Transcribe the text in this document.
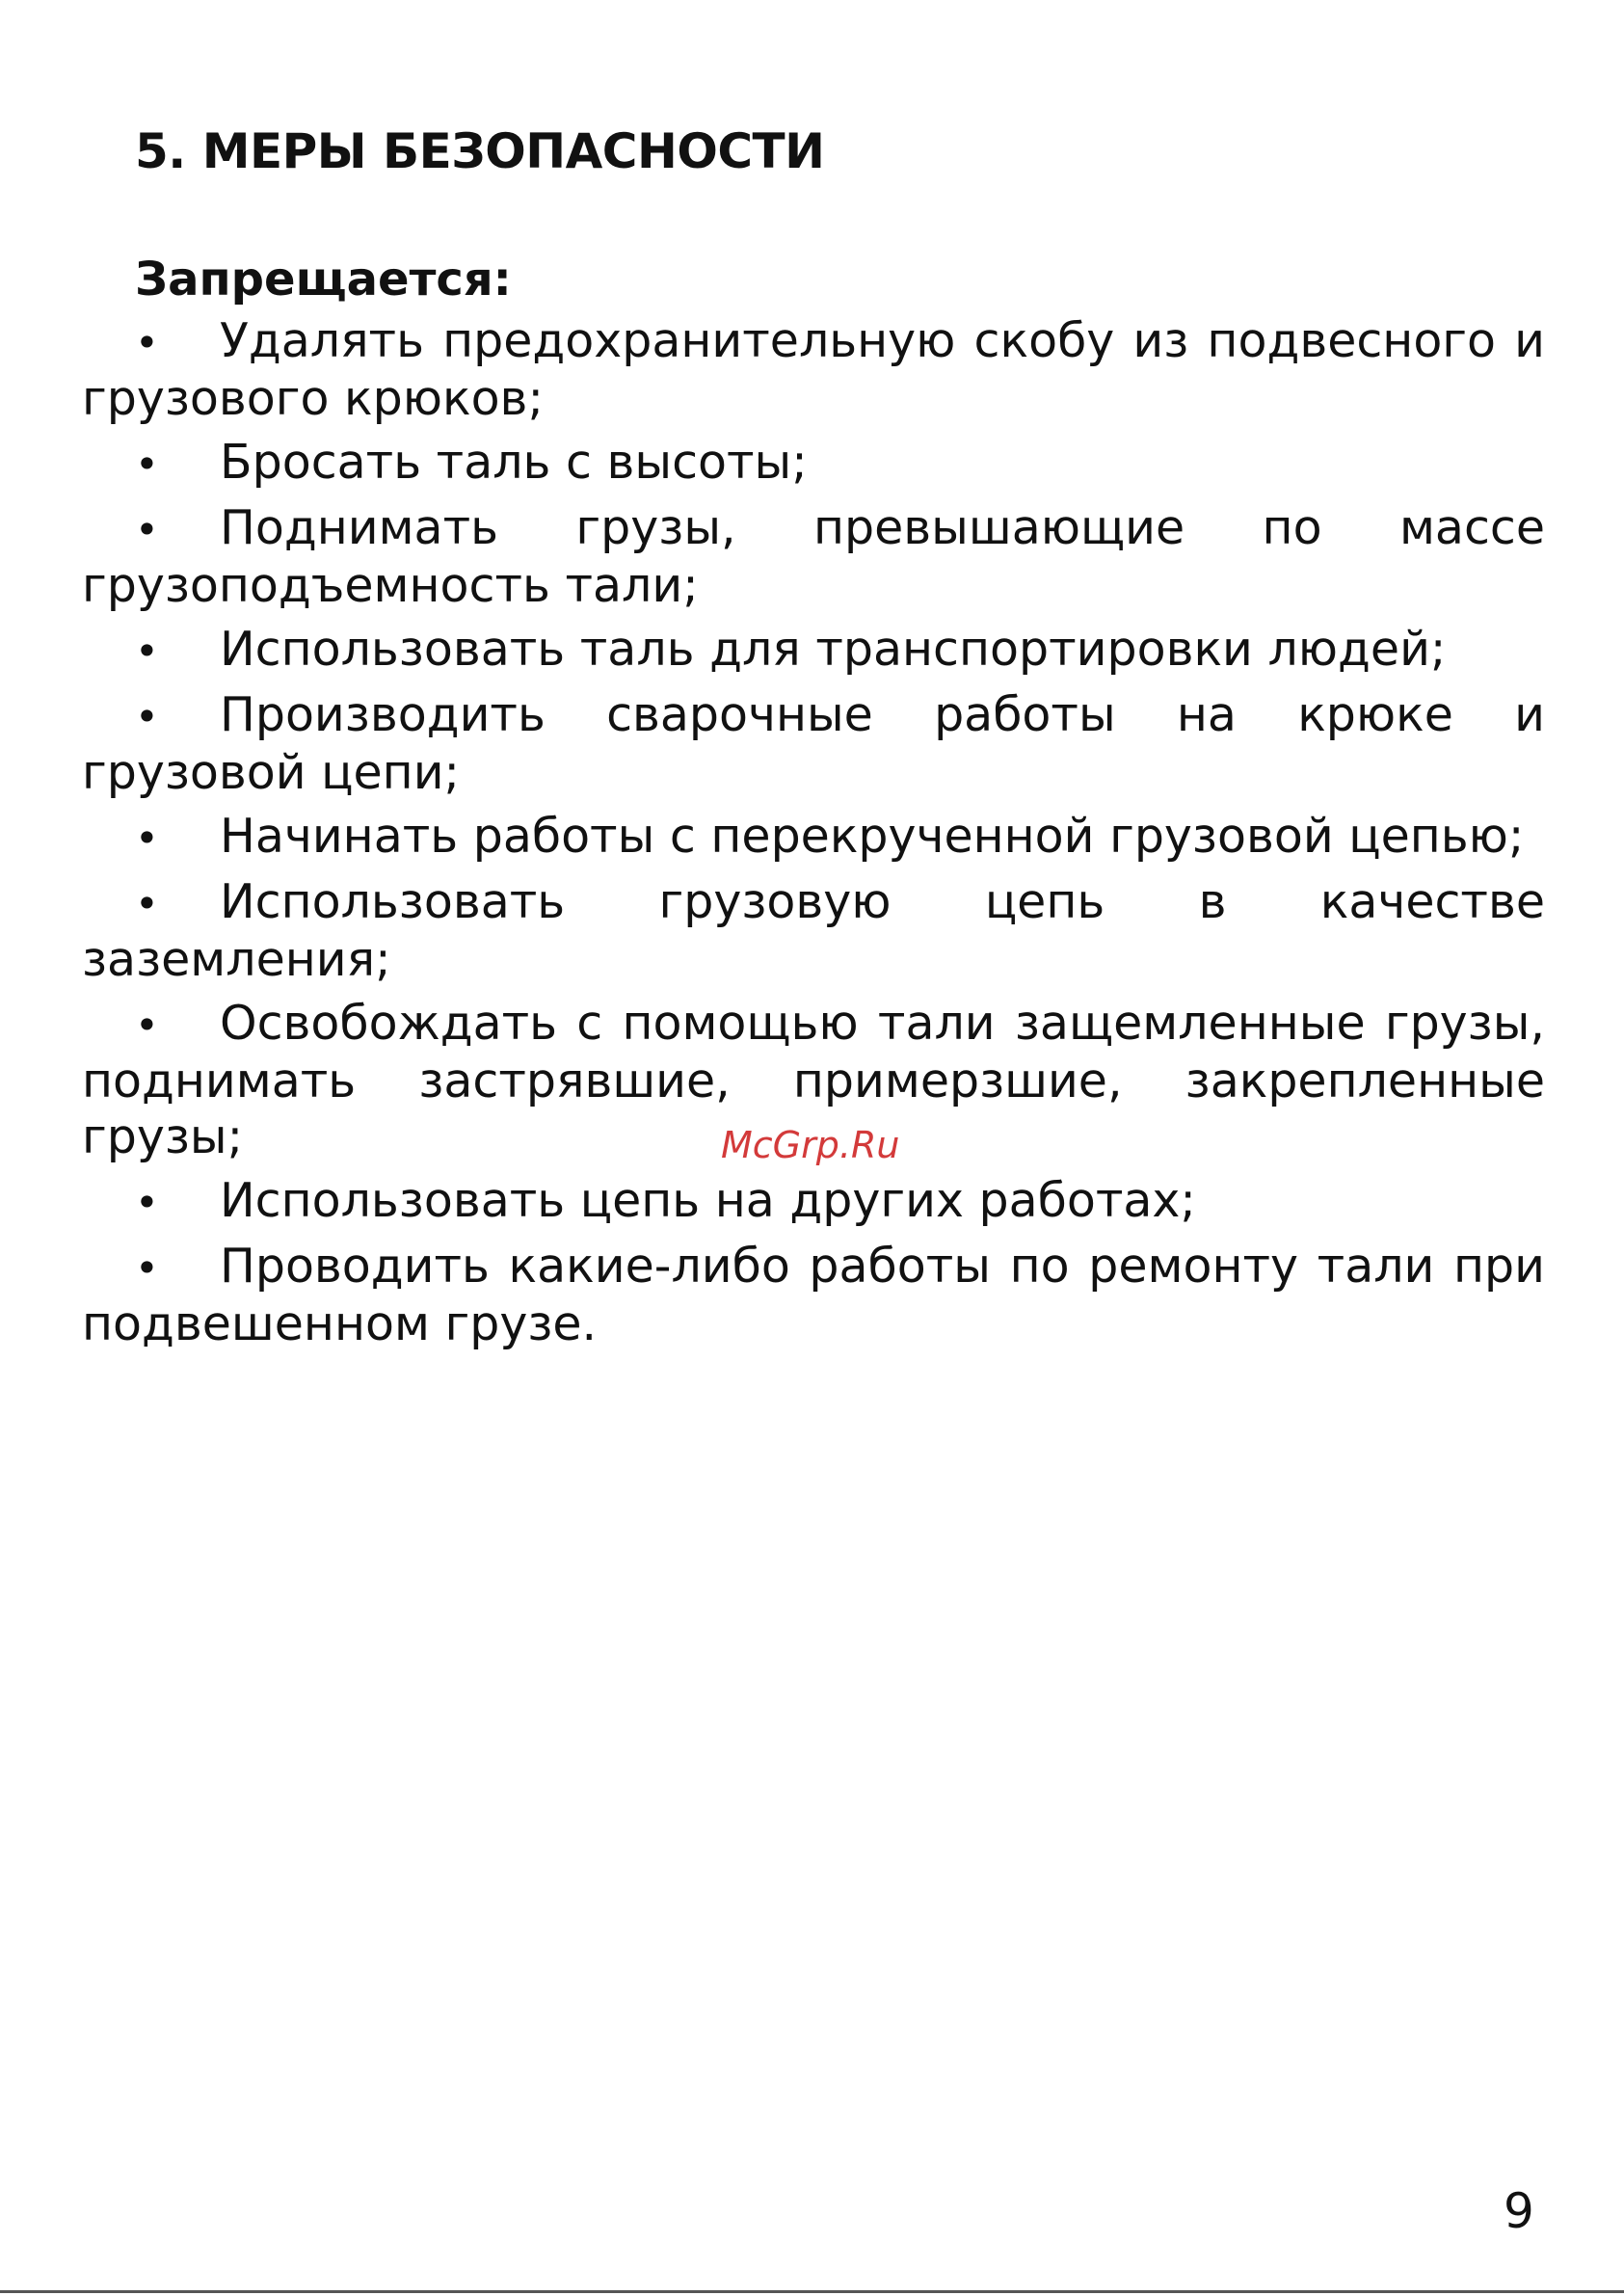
5. МЕРЫ БЕЗОПАСНОСТИ

Запрещается:

• Удалять предохранительную скобу из подвесного и грузового крюков;
• Бросать таль с высоты;
• Поднимать грузы, превышающие по массе грузоподъемность тали;
• Использовать таль для транспортировки людей;
• Производить сварочные работы на крюке и грузовой цепи;
• Начинать работы с перекрученной грузовой цепью;
• Использовать грузовую цепь в качестве заземления;
• Освобождать с помощью тали защемленные грузы, поднимать застрявшие, примерзшие, закрепленные грузы;
• Использовать цепь на других работах;
• Проводить какие-либо работы по ремонту тали при подвешенном грузе.

McGrp.Ru

9
